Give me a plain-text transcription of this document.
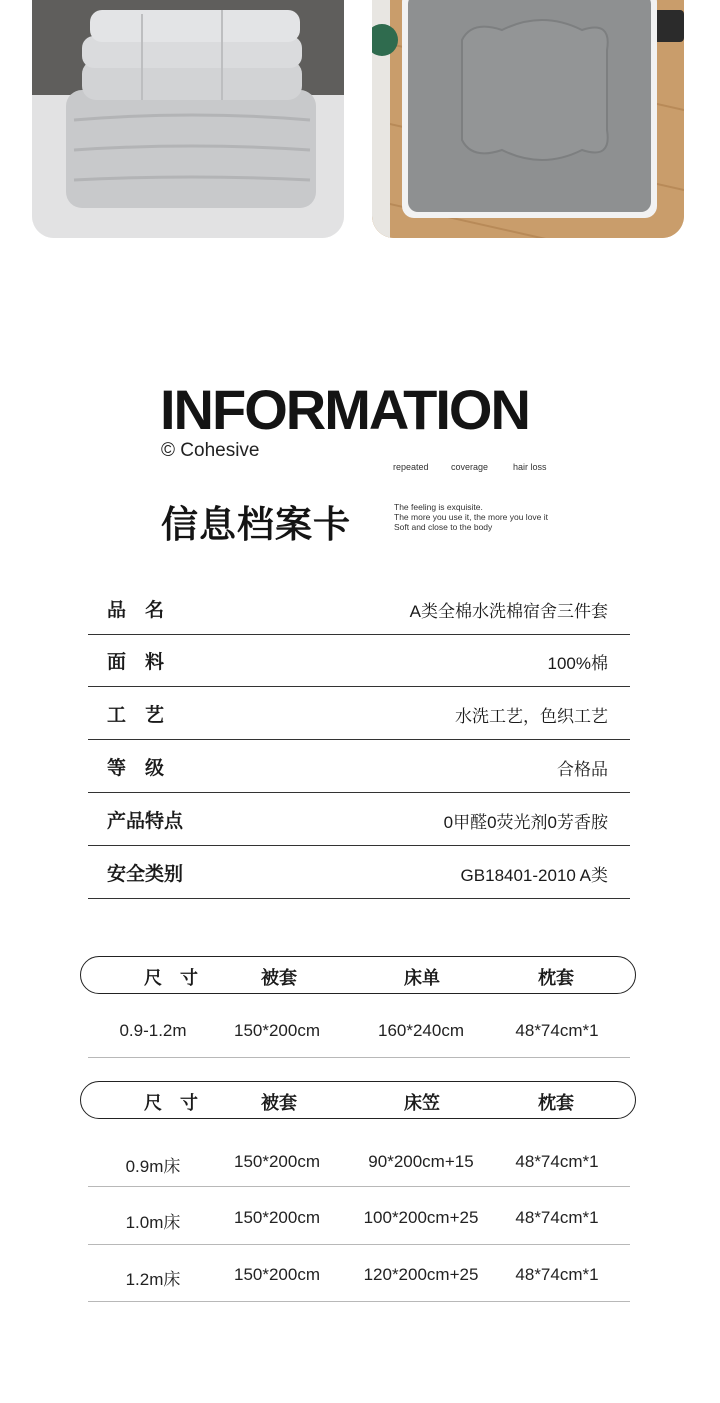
INFORMATION
© Cohesive
repeated coverage	hair loss
信息档案卡	The feeling is exquisite.
The more you use it, the more you love it
Soft and close to the body
品　名	A类全棉水洗棉宿舍三件套
面　料	100%棉
工　艺	水洗工艺，色织工艺
等　级	合格品
产品特点	0甲醛0荧光剂0芳香胺
安全类别	GB18401-2010 A类
尺　寸	被套	床单	枕套
0.9-1.2m	150*200cm	160*240cm	48*74cm*1
尺　寸	被套	床笠	枕套
0.9m床	150*200cm	90*200cm+15	48*74cm*1
1.0m床	150*200cm	100*200cm+25	48*74cm*1
1.2m床	150*200cm	120*200cm+25	48*74cm*1
